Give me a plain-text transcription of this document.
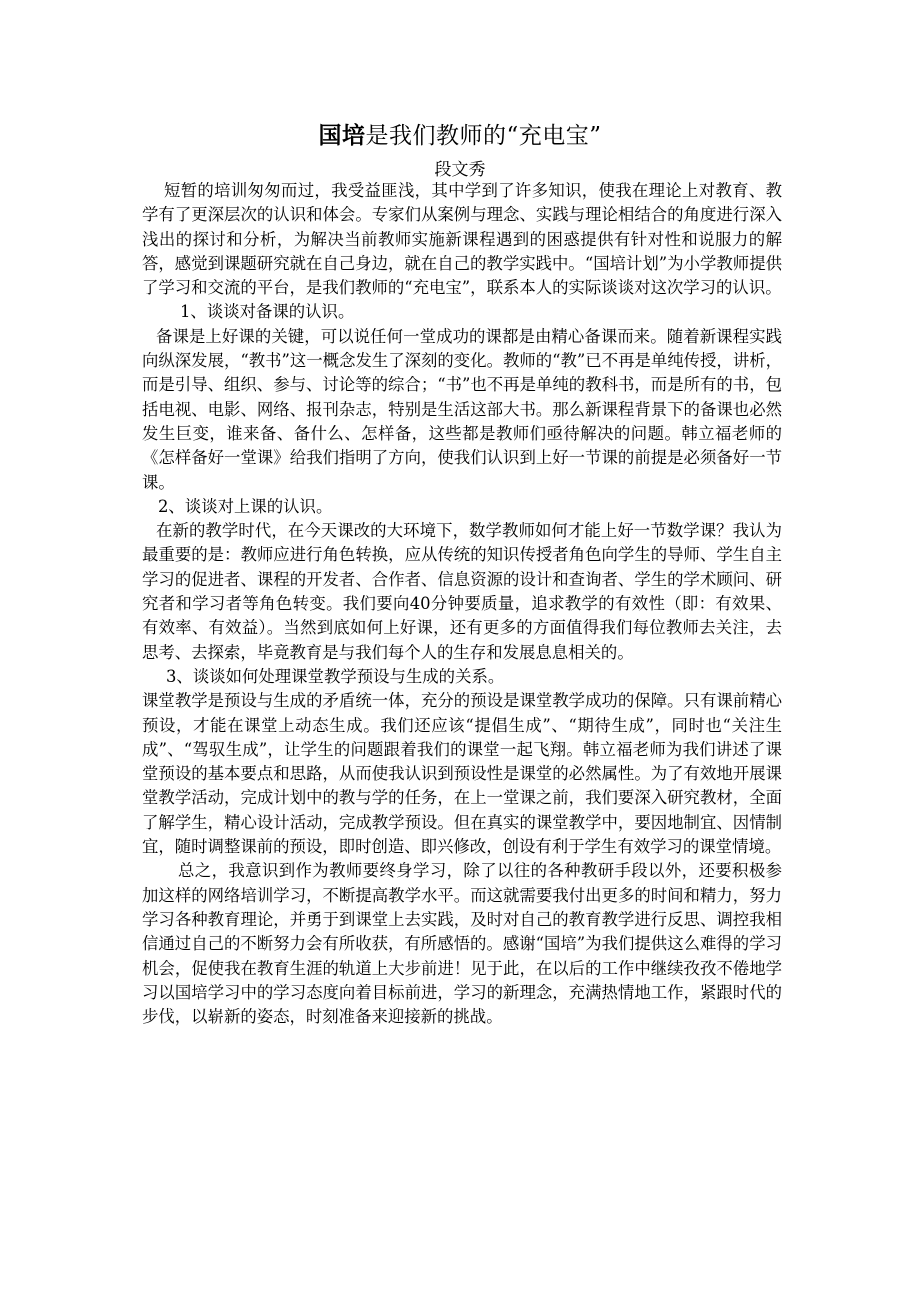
国培是我们教师的“充电宝”
段文秀

短暂的培训匆匆而过，我受益匪浅，其中学到了许多知识，使我在理论上对教育、教学有了更深层次的认识和体会。专家们从案例与理念、实践与理论相结合的角度进行深入浅出的探讨和分析，为解决当前教师实施新课程遇到的困惑提供有针对性和说服力的解答，感觉到课题研究就在自己身边，就在自己的教学实践中。“国培计划”为小学教师提供了学习和交流的平台，是我们教师的“充电宝”，联系本人的实际谈谈对这次学习的认识。

1、谈谈对备课的认识。

备课是上好课的关键，可以说任何一堂成功的课都是由精心备课而来。随着新课程实践向纵深发展，“教书”这一概念发生了深刻的变化。教师的“教”已不再是单纯传授，讲析，而是引导、组织、参与、讨论等的综合；“书”也不再是单纯的教科书，而是所有的书，包括电视、电影、网络、报刊杂志，特别是生活这部大书。那么新课程背景下的备课也必然发生巨变，谁来备、备什么、怎样备，这些都是教师们亟待解决的问题。韩立福老师的《怎样备好一堂课》给我们指明了方向，使我们认识到上好一节课的前提是必须备好一节课。

2、谈谈对上课的认识。

在新的教学时代，在今天课改的大环境下，数学教师如何才能上好一节数学课？我认为最重要的是：教师应进行角色转换，应从传统的知识传授者角色向学生的导师、学生自主学习的促进者、课程的开发者、合作者、信息资源的设计和查询者、学生的学术顾问、研究者和学习者等角色转变。我们要向40分钟要质量，追求教学的有效性（即：有效果、有效率、有效益）。当然到底如何上好课，还有更多的方面值得我们每位教师去关注，去思考、去探索，毕竟教育是与我们每个人的生存和发展息息相关的。

3、谈谈如何处理课堂教学预设与生成的关系。

课堂教学是预设与生成的矛盾统一体，充分的预设是课堂教学成功的保障。只有课前精心预设，才能在课堂上动态生成。我们还应该“提倡生成”、“期待生成”，同时也“关注生成”、“驾驭生成”，让学生的问题跟着我们的课堂一起飞翔。韩立福老师为我们讲述了课堂预设的基本要点和思路，从而使我认识到预设性是课堂的必然属性。为了有效地开展课堂教学活动，完成计划中的教与学的任务，在上一堂课之前，我们要深入研究教材，全面了解学生，精心设计活动，完成教学预设。但在真实的课堂教学中，要因地制宜、因情制宜，随时调整课前的预设，即时创造、即兴修改，创设有利于学生有效学习的课堂情境。

总之，我意识到作为教师要终身学习，除了以往的各种教研手段以外，还要积极参加这样的网络培训学习，不断提高教学水平。而这就需要我付出更多的时间和精力，努力学习各种教育理论，并勇于到课堂上去实践，及时对自己的教育教学进行反思、调控我相信通过自己的不断努力会有所收获，有所感悟的。感谢“国培”为我们提供这么难得的学习机会，促使我在教育生涯的轨道上大步前进！见于此，在以后的工作中继续孜孜不倦地学习以国培学习中的学习态度向着目标前进，学习的新理念，充满热情地工作，紧跟时代的步伐，以崭新的姿态，时刻准备来迎接新的挑战。
